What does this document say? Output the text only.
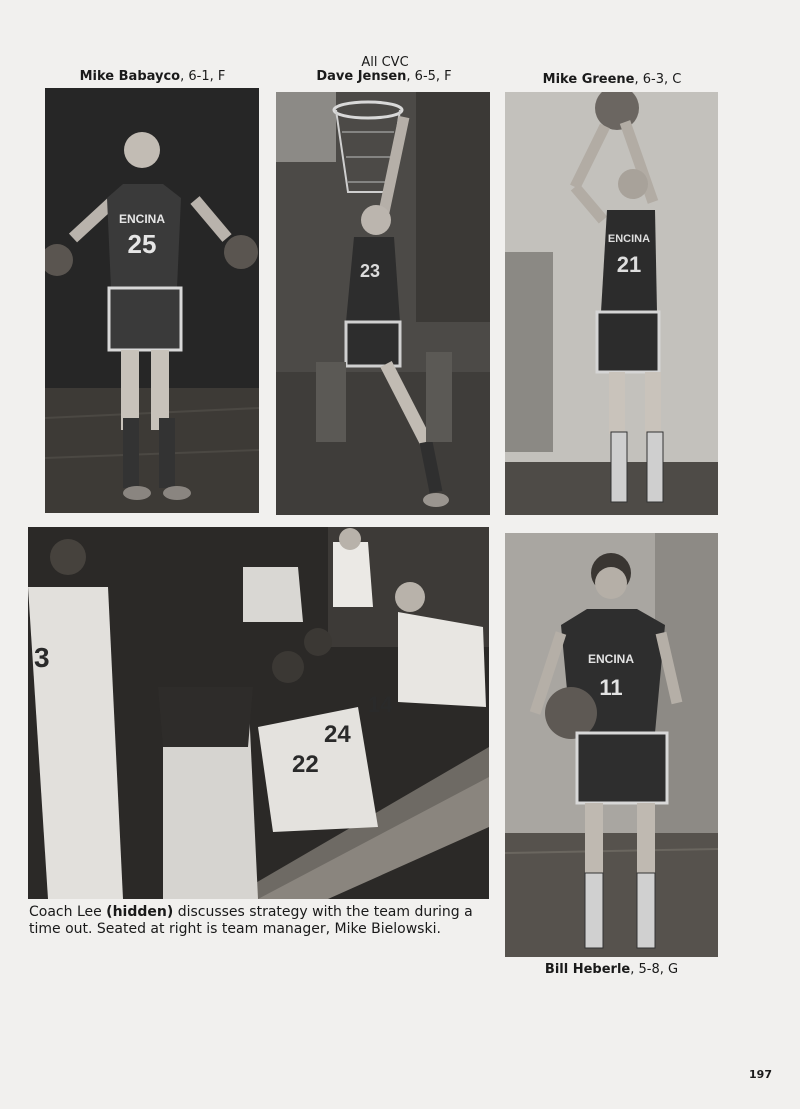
All CVC
Mike Babayco, 6-1, F	Dave Jensen, 6-5, F	Mike Greene, 6-3, C
25
ENCINA
23	21
ENCINA
3
22
24
14
11
ENCINA
Coach Lee (hidden) discusses strategy with the team during a time out. Seated at right is team manager, Mike Bielowski.
Bill Heberle, 5-8, G
197
